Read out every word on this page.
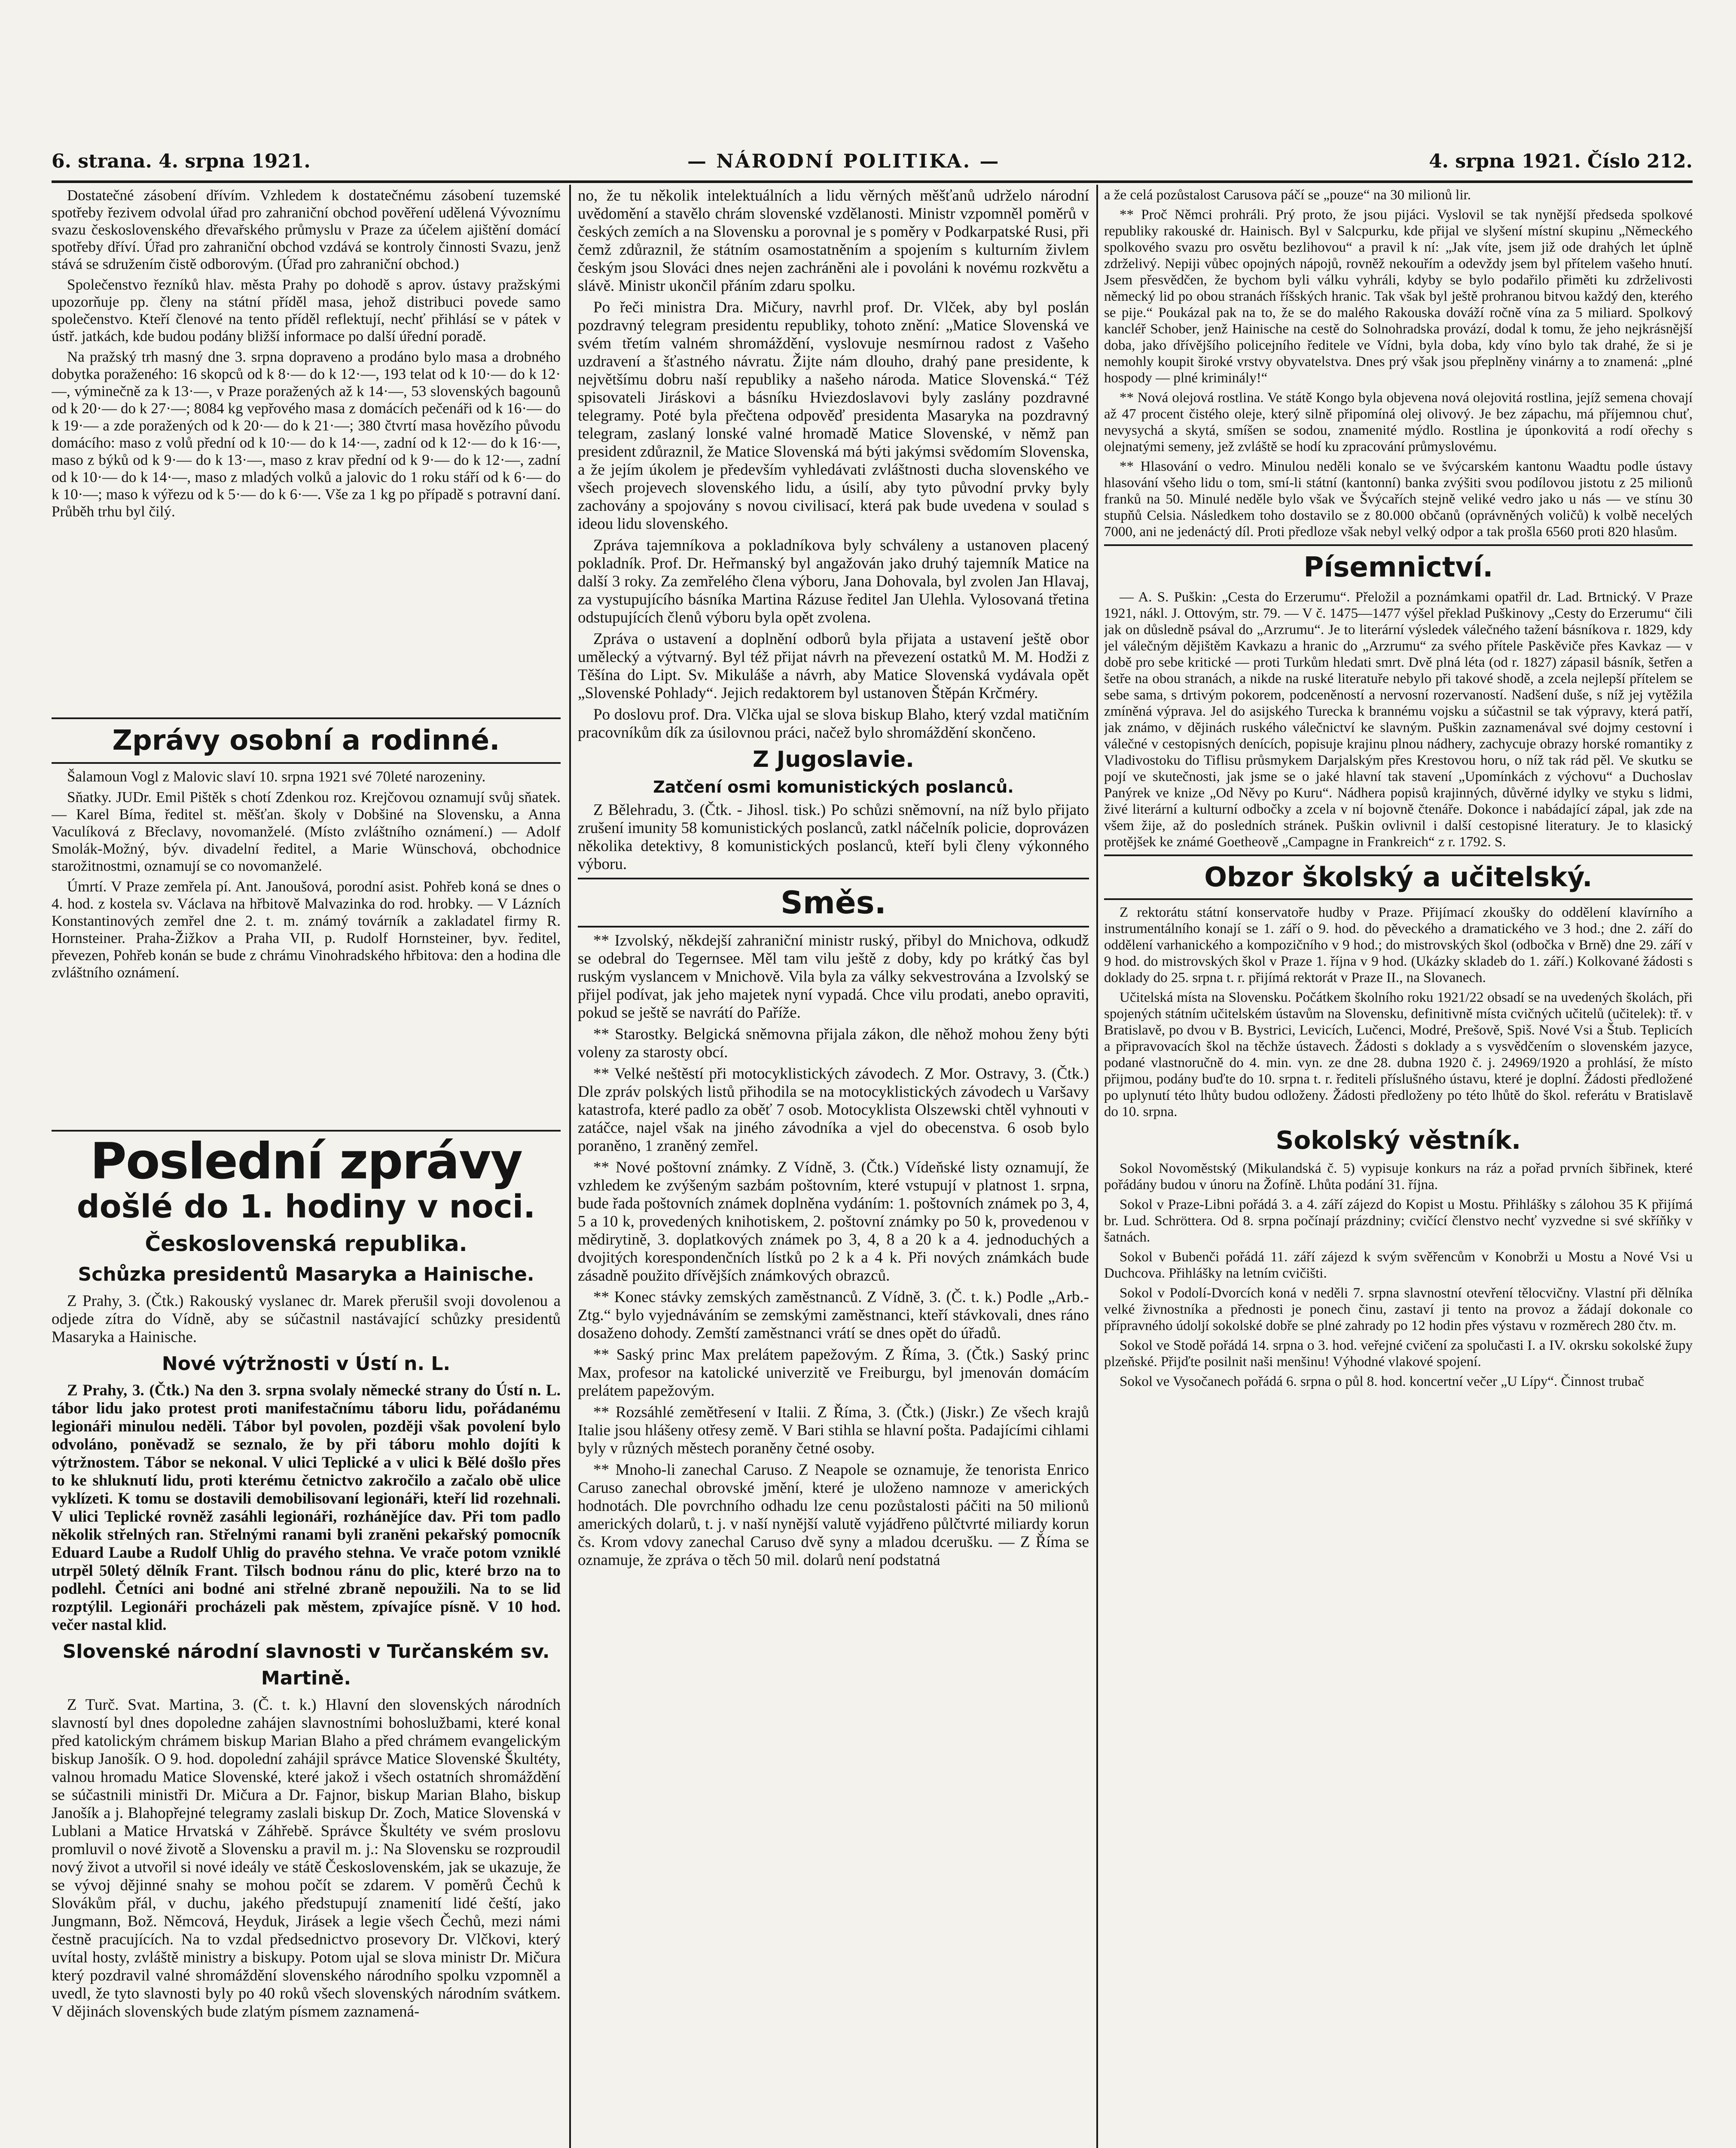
6. strana. 4. srpna 1921.	— NÁRODNÍ POLITIKA. —	4. srpna 1921. Číslo 212.

Dostatečné zásobení dřívím. Vzhledem k dostatečnému zásobení tuzemské spotřeby řezivem odvolal úřad pro zahraniční obchod pověření udělená Vývoznímu svazu československého dřevařského průmyslu v Praze za účelem ajištění domácí spotřeby dříví. Úřad pro zahraniční obchod vzdává se kontroly činnosti Svazu, jenž stává se sdružením čistě odborovým. (Úřad pro zahraniční obchod.)

Společenstvo řezníků hlav. města Prahy po dohodě s aprov. ústavy pražskými upozorňuje pp. členy na státní příděl masa, jehož distribuci povede samo společenstvo. Kteří členové na tento příděl reflektují, nechť přihlásí se v pátek v ústř. jatkách, kde budou podány bližší informace po další úřední poradě.

Na pražský trh masný dne 3. srpna dopraveno a prodáno bylo masa a drobného dobytka poraženého: 16 skopců od k 8·— do k 12·—, 193 telat od k 10·— do k 12·—, výminečně za k 13·—, v Praze poražených až k 14·—, 53 slovenských bagounů od k 20·— do k 27·—; 8084 kg vepřového masa z domácích pečenáři od k 16·— do k 19·— a zde poražených od k 20·— do k 21·—; 380 čtvrtí masa hovězího původu domácího: maso z volů přední od k 10·— do k 14·—, zadní od k 12·— do k 16·—, maso z býků od k 9·— do k 13·—, maso z krav přední od k 9·— do k 12·—, zadní od k 10·— do k 14·—, maso z mladých volků a jalovic do 1 roku stáří od k 6·— do k 10·—; maso k výřezu od k 5·— do k 6·—. Vše za 1 kg po případě s potravní daní. Průběh trhu byl čilý.

Zprávy osobní a rodinné.

Šalamoun Vogl z Malovic slaví 10. srpna 1921 své 70leté narozeniny.

Sňatky. JUDr. Emil Pištěk s chotí Zdenkou roz. Krejčovou oznamují svůj sňatek. — Karel Bíma, ředitel st. měšťan. školy v Dobšiné na Slovensku, a Anna Vaculíková z Břeclavy, novomanželé. (Místo zvláštního oznámení.) — Adolf Smolák-Možný, býv. divadelní ředitel, a Marie Wünschová, obchodnice starožitnostmi, oznamují se co novomanželé.

Úmrtí. V Praze zemřela pí. Ant. Janoušová, porodní asist. Pohřeb koná se dnes o 4. hod. z kostela sv. Václava na hřbitově Malvazinka do rod. hrobky. — V Lázních Konstantinových zemřel dne 2. t. m. známý továrník a zakladatel firmy R. Hornsteiner. Praha-Žižkov a Praha VII, p. Rudolf Hornsteiner, byv. ředitel, převezen, Pohřeb konán se bude z chrámu Vinohradského hřbitova: den a hodina dle zvláštního oznámení.

Poslední zprávy
došlé do 1. hodiny v noci.
Československá republika.
Schůzka presidentů Masaryka a Hainische.

Z Prahy, 3. (Čtk.) Rakouský vyslanec dr. Marek přerušil svoji dovolenou a odjede zítra do Vídně, aby se súčastnil nastávající schůzky presidentů Masaryka a Hainische.

Nové výtržnosti v Ústí n. L.

Z Prahy, 3. (Čtk.) Na den 3. srpna svolaly německé strany do Ústí n. L. tábor lidu jako protest proti manifestačnímu táboru lidu, pořádanému legionáři minulou neděli. Tábor byl povolen, později však povolení bylo odvoláno, poněvadž se seznalo, že by při táboru mohlo dojíti k výtržnostem. Tábor se nekonal. V ulici Teplické a v ulici k Bělé došlo přes to ke shluknutí lidu, proti kterému četnictvo zakročilo a začalo obě ulice vyklízeti. K tomu se dostavili demobilisovaní legionáři, kteří lid rozehnali. V ulici Teplické rovněž zasáhli legionáři, rozhánějíce dav. Při tom padlo několik střelných ran. Střelnými ranami byli zraněni pekařský pomocník Eduard Laube a Rudolf Uhlig do pravého stehna. Ve vrače potom vzniklé utrpěl 50letý dělník Frant. Tilsch bodnou ránu do plic, které brzo na to podlehl. Četníci ani bodné ani střelné zbraně nepoužili. Na to se lid rozptýlil. Legionáři procházeli pak městem, zpívajíce písně. V 10 hod. večer nastal klid.

Slovenské národní slavnosti v Turčanském sv. Martině.

Z Turč. Svat. Martina, 3. (Č. t. k.) Hlavní den slovenských národních slavností byl dnes dopoledne zahájen slavnostními bohoslužbami, které konal před katolickým chrámem biskup Marian Blaho a před chrámem evangelickým biskup Janošík. O 9. hod. dopolední zahájil správce Matice Slovenské Škultéty, valnou hromadu Matice Slovenské, které jakož i všech ostatních shromáždění se súčastnili ministři Dr. Mičura a Dr. Fajnor, biskup Marian Blaho, biskup Janošík a j. Blahopřejné telegramy zaslali biskup Dr. Zoch, Matice Slovenská v Lublani a Matice Hrvatská v Záhřebě. Správce Škultéty ve svém proslovu promluvil o nové životě a Slovensku a pravil m. j.: Na Slovensku se rozproudil nový život a utvořil si nové ideály ve státě Československém, jak se ukazuje, že se vývoj dějinné snahy se mohou počít se zdarem. V poměrů Čechů k Slovákům přál, v duchu, jakého předstupují znamenití lidé čeští, jako Jungmann, Bož. Němcová, Heyduk, Jirásek a legie všech Čechů, mezi námi čestně pracujících. Na to vzdal předsednictvo prosevory Dr. Vlčkovi, který uvítal hosty, zvláště ministry a biskupy. Potom ujal se slova ministr Dr. Mičura který pozdravil valné shromáždění slovenského národního spolku vzpomněl a uvedl, že tyto slavnosti byly po 40 roků všech slovenských národním svátkem. V dějinách slovenských bude zlatým písmem zaznamená-

no, že tu několik intelektuálních a lidu věrných měšťanů udrželo národní uvědomění a stavělo chrám slovenské vzdělanosti. Ministr vzpomněl poměrů v českých zemích a na Slovensku a porovnal je s poměry v Podkarpatské Rusi, při čemž zdůraznil, že státním osamostatněním a spojením s kulturním živlem českým jsou Slováci dnes nejen zachráněni ale i povoláni k novému rozkvětu a slávě. Ministr ukončil přáním zdaru spolku.

Po řeči ministra Dra. Mičury, navrhl prof. Dr. Vlček, aby byl poslán pozdravný telegram presidentu republiky, tohoto znění: „Matice Slovenská ve svém třetím valném shromáždění, vyslovuje nesmírnou radost z Vašeho uzdravení a šťastného návratu. Žijte nám dlouho, drahý pane presidente, k největšímu dobru naší republiky a našeho národa. Matice Slovenská.“ Též spisovateli Jiráskovi a básníku Hviezdoslavovi byly zaslány pozdravné telegramy. Poté byla přečtena odpověď presidenta Masaryka na pozdravný telegram, zaslaný lonské valné hromadě Matice Slovenské, v němž pan president zdůraznil, že Matice Slovenská má býti jakýmsi svědomím Slovenska, a že jejím úkolem je především vyhledávati zvláštnosti ducha slovenského ve všech projevech slovenského lidu, a úsilí, aby tyto původní prvky byly zachovány a spojovány s novou civilisací, která pak bude uvedena v soulad s ideou lidu slovenského.

Zpráva tajemníkova a pokladníkova byly schváleny a ustanoven placený pokladník. Prof. Dr. Heřmanský byl angažován jako druhý tajemník Matice na další 3 roky. Za zemřelého člena výboru, Jana Dohovala, byl zvolen Jan Hlavaj, za vystupujícího básníka Martina Rázuse ředitel Jan Ulehla. Vylosovaná třetina odstupujících členů výboru byla opět zvolena.

Zpráva o ustavení a doplnění odborů byla přijata a ustavení ještě obor umělecký a výtvarný. Byl též přijat návrh na převezení ostatků M. M. Hodži z Těšína do Lipt. Sv. Mikuláše a návrh, aby Matice Slovenská vydávala opět „Slovenské Pohlady“. Jejich redaktorem byl ustanoven Štěpán Krčméry.

Po doslovu prof. Dra. Vlčka ujal se slova biskup Blaho, který vzdal matičním pracovníkům dík za úsilovnou práci, načež bylo shromáždění skončeno.

Z Jugoslavie.
Zatčení osmi komunistických poslanců.

Z Bělehradu, 3. (Čtk. - Jihosl. tisk.) Po schůzi sněmovní, na níž bylo přijato zrušení imunity 58 komunistických poslanců, zatkl náčelník policie, doprovázen několika detektivy, 8 komunistických poslanců, kteří byli členy výkonného výboru.

Směs.

** Izvolský, někdejší zahraniční ministr ruský, přibyl do Mnichova, odkudž se odebral do Tegernsee. Měl tam vilu ještě z doby, kdy po krátký čas byl ruským vyslancem v Mnichově. Vila byla za války sekvestrována a Izvolský se přijel podívat, jak jeho majetek nyní vypadá. Chce vilu prodati, anebo opraviti, pokud se ještě se navrátí do Paříže.

** Starostky. Belgická sněmovna přijala zákon, dle něhož mohou ženy býti voleny za starosty obcí.

** Velké neštěstí při motocyklistických závodech. Z Mor. Ostravy, 3. (Čtk.) Dle zpráv polských listů přihodila se na motocyklistických závodech u Varšavy katastrofa, které padlo za oběť 7 osob. Motocyklista Olszewski chtěl vyhnouti v zatáčce, najel však na jiného závodníka a vjel do obecenstva. 6 osob bylo poraněno, 1 zraněný zemřel.

** Nové poštovní známky. Z Vídně, 3. (Čtk.) Vídeňské listy oznamují, že vzhledem ke zvýšeným sazbám poštovním, které vstupují v platnost 1. srpna, bude řada poštovních známek doplněna vydáním: 1. poštovních známek po 3, 4, 5 a 10 k, provedených knihotiskem, 2. poštovní známky po 50 k, provedenou v mědirytině, 3. doplatkových známek po 3, 4, 8 a 20 k a 4. jednoduchých a dvojitých korespondenčních lístků po 2 k a 4 k. Při nových známkách bude zásadně použito dřívějších známkových obrazců.

** Konec stávky zemských zaměstnanců. Z Vídně, 3. (Č. t. k.) Podle „Arb.-Ztg.“ bylo vyjednáváním se zemskými zaměstnanci, kteří stávkovali, dnes ráno dosaženo dohody. Zemští zaměstnanci vrátí se dnes opět do úřadů.

** Saský princ Max prelátem papežovým. Z Říma, 3. (Čtk.) Saský princ Max, profesor na katolické univerzitě ve Freiburgu, byl jmenován domácím prelátem papežovým.

** Rozsáhlé zemětřesení v Italii. Z Říma, 3. (Čtk.) (Jiskr.) Ze všech krajů Italie jsou hlášeny otřesy země. V Bari stihla se hlavní pošta. Padajícími cihlami byly v různých městech poraněny četné osoby.

** Mnoho-li zanechal Caruso. Z Neapole se oznamuje, že tenorista Enrico Caruso zanechal obrovské jmění, které je uloženo namnoze v amerických hodnotách. Dle povrchního odhadu lze cenu pozůstalosti páčiti na 50 milionů amerických dolarů, t. j. v naší nynější valutě vyjádřeno půlčtvrté miliardy korun čs. Krom vdovy zanechal Caruso dvě syny a mladou dcerušku. — Z Říma se oznamuje, že zpráva o těch 50 mil. dolarů není podstatná

a že celá pozůstalost Carusova páčí se „pouze“ na 30 milionů lir.

** Proč Němci prohráli. Prý proto, že jsou pijáci. Vyslovil se tak nynější předseda spolkové republiky rakouské dr. Hainisch. Byl v Salcpurku, kde přijal ve slyšení místní skupinu „Německého spolkového svazu pro osvětu bezlihovou“ a pravil k ní: „Jak víte, jsem již ode drahých let úplně zdrželivý. Nepiji vůbec opojných nápojů, rovněž nekouřím a odevždy jsem byl přítelem vašeho hnutí. Jsem přesvědčen, že bychom byli válku vyhráli, kdyby se bylo podařilo přiměti ku zdrželivosti německý lid po obou stranách říšských hranic. Tak však byl ještě prohranou bitvou každý den, kterého se pije.“ Poukázal pak na to, že se do malého Rakouska dováží ročně vína za 5 miliard. Spolkový kancléř Schober, jenž Hainische na cestě do Solnohradska provází, dodal k tomu, že jeho nejkrásnější doba, jako dřívějšího policejního ředitele ve Vídni, byla doba, kdy víno bylo tak drahé, že si je nemohly koupit široké vrstvy obyvatelstva. Dnes prý však jsou přeplněny vinárny a to znamená: „plné hospody — plné kriminály!“

** Nová olejová rostlina. Ve státě Kongo byla objevena nová olejovitá rostlina, jejíž semena chovají až 47 procent čistého oleje, který silně připomíná olej olivový. Je bez zápachu, má příjemnou chuť, nevysychá a skytá, smíšen se sodou, znamenité mýdlo. Rostlina je úponkovitá a rodí ořechy s olejnatými semeny, jež zvláště se hodí ku zpracování průmyslovému.

** Hlasování o vedro. Minulou neděli konalo se ve švýcarském kantonu Waadtu podle ústavy hlasování všeho lidu o tom, smí-li státní (kantonní) banka zvýšiti svou podílovou jistotu z 25 milionů franků na 50. Minulé neděle bylo však ve Švýcařích stejně veliké vedro jako u nás — ve stínu 30 stupňů Celsia. Následkem toho dostavilo se z 80.000 občanů (oprávněných voličů) k volbě necelých 7000, ani ne jedenáctý díl. Proti předloze však nebyl velký odpor a tak prošla 6560 proti 820 hlasům.

Písemnictví.

— A. S. Puškin: „Cesta do Erzerumu“. Přeložil a poznámkami opatřil dr. Lad. Brtnický. V Praze 1921, nákl. J. Ottovým, str. 79. — V č. 1475—1477 výšel překlad Puškinovy „Cesty do Erzerumu“ čili jak on důsledně psával do „Arzrumu“. Je to literární výsledek válečného tažení básníkova r. 1829, kdy jel válečným dějištěm Kavkazu a hranic do „Arzrumu“ za svého přítele Paskěviče přes Kavkaz — v době pro sebe kritické — proti Turkům hledati smrt. Dvě plná léta (od r. 1827) zápasil básník, šetřen a šetře na obou stranách, a nikde na ruské literatuře nebylo při takové shodě, a zcela nejlepší přítelem se sebe sama, s drtivým pokorem, podceněností a nervosní rozervaností. Nadšení duše, s níž jej vytěžila zmíněná výprava. Jel do asijského Turecka k brannému vojsku a súčastnil se tak výpravy, která patří, jak známo, v dějinách ruského válečnictví ke slavným. Puškin zaznamenával své dojmy cestovní i válečné v cestopisných denících, popisuje krajinu plnou nádhery, zachycuje obrazy horské romantiky z Vladivostoku do Tiflisu průsmykem Darjalským přes Krestovou horu, o níž tak rád pěl. Ve skutku se pojí ve skutečnosti, jak jsme se o jaké hlavní tak stavení „Upomínkách z výchovu“ a Duchoslav Panýrek ve knize „Od Něvy po Kuru“. Nádhera popisů krajinných, důvěrné idylky ve styku s lidmi, živé literární a kulturní odbočky a zcela v ní bojovně čtenáře. Dokonce i nabádající zápal, jak zde na všem žije, až do posledních stránek. Puškin ovlivnil i další cestopisné literatury. Je to klasický protějšek ke známé Goetheově „Campagne in Frankreich“ z r. 1792. S.

Obzor školský a učitelský.

Z rektorátu státní konservatoře hudby v Praze. Přijímací zkoušky do oddělení klavírního a instrumentálního konají se 1. září o 9. hod. do pěveckého a dramatického ve 3 hod.; dne 2. září do oddělení varhanického a kompozičního v 9 hod.; do mistrovských škol (odbočka v Brně) dne 29. září v 9 hod. do mistrovských škol v Praze 1. října v 9 hod. (Ukázky skladeb do 1. září.) Kolkované žádosti s doklady do 25. srpna t. r. přijímá rektorát v Praze II., na Slovanech.

Učitelská místa na Slovensku. Počátkem školního roku 1921/22 obsadí se na uvedených školách, při spojených státním učitelském ústavům na Slovensku, definitivně místa cvičných učitelů (učitelek): tř. v Bratislavě, po dvou v B. Bystrici, Levicích, Lučenci, Modré, Prešově, Spiš. Nové Vsi a Štub. Teplicích a připravovacích škol na těchže ústavech. Žádosti s doklady a s vysvědčením o slovenském jazyce, podané vlastnoručně do 4. min. vyn. ze dne 28. dubna 1920 č. j. 24969/1920 a prohlásí, že místo přijmou, podány buďte do 10. srpna t. r. řediteli příslušného ústavu, které je doplní. Žádosti předložené po uplynutí této lhůty budou odloženy. Žádosti předloženy po této lhůtě do škol. referátu v Bratislavě do 10. srpna.

Sokolský věstník.

Sokol Novoměstský (Mikulandská č. 5) vypisuje konkurs na ráz a pořad prvních šibřinek, které pořádány budou v únoru na Žofíně. Lhůta podání 31. října.

Sokol v Praze-Libni pořádá 3. a 4. září zájezd do Kopist u Mostu. Přihlášky s zálohou 35 K přijímá br. Lud. Schröttera. Od 8. srpna počínají prázdniny; cvičící členstvo nechť vyzvedne si své skříňky v šatnách.

Sokol v Bubenči pořádá 11. září zájezd k svým svěřencům v Konobrži u Mostu a Nové Vsi u Duchcova. Přihlášky na letním cvičišti.

Sokol v Podolí-Dvorcích koná v neděli 7. srpna slavnostní otevření tělocvičny. Vlastní při dělníka velké živnostníka a přednosti je ponech činu, zastaví ji tento na provoz a žádají dokonale co přípravného údoljí sokolské dobře se plné zahrady po 12 hodin přes výstavu v rozměrech 280 čtv. m.

Sokol ve Stodě pořádá 14. srpna o 3. hod. veřejné cvičení za spolučasti I. a IV. okrsku sokolské župy plzeňské. Přijďte posilnit naši menšinu! Výhodné vlakové spojení.

Sokol ve Vysočanech pořádá 6. srpna o půl 8. hod. koncertní večer „U Lípy“. Činnost trubač
